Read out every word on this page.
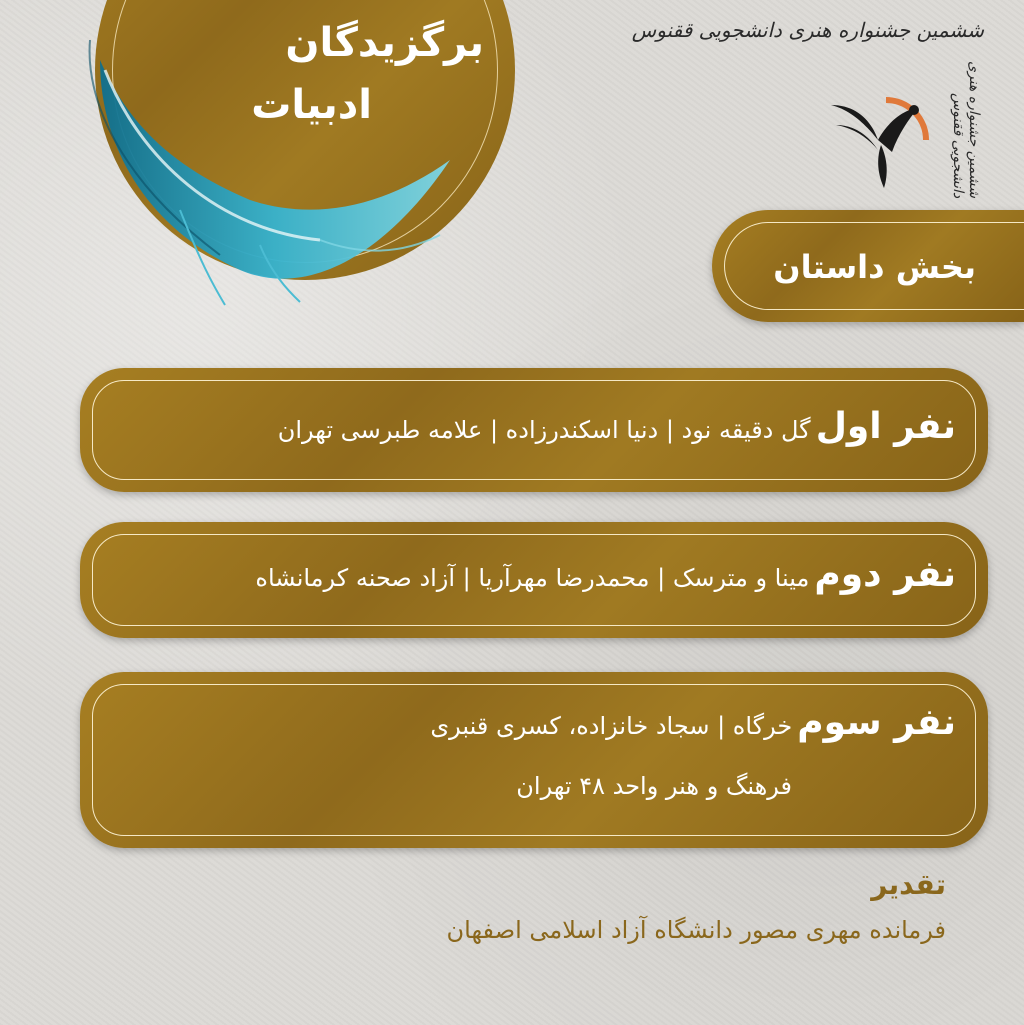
برگزیدگان
ادبیات
ششمین جشنواره هنری دانشجویی ققنوس
ششمین جشنواره هنری دانشجویی ققنوس
بخش داستان
نفر اول گل دقیقه نود | دنیا اسکندرزاده | علامه طبرسی تهران
نفر دوم مینا و مترسک | محمدرضا مهرآریا | آزاد صحنه کرمانشاه
نفر سوم خرگاه | سجاد خانزاده، کسری قنبری
فرهنگ و هنر واحد ۴۸ تهران
تقدیر
فرمانده مهری مصور دانشگاه آزاد اسلامی اصفهان
